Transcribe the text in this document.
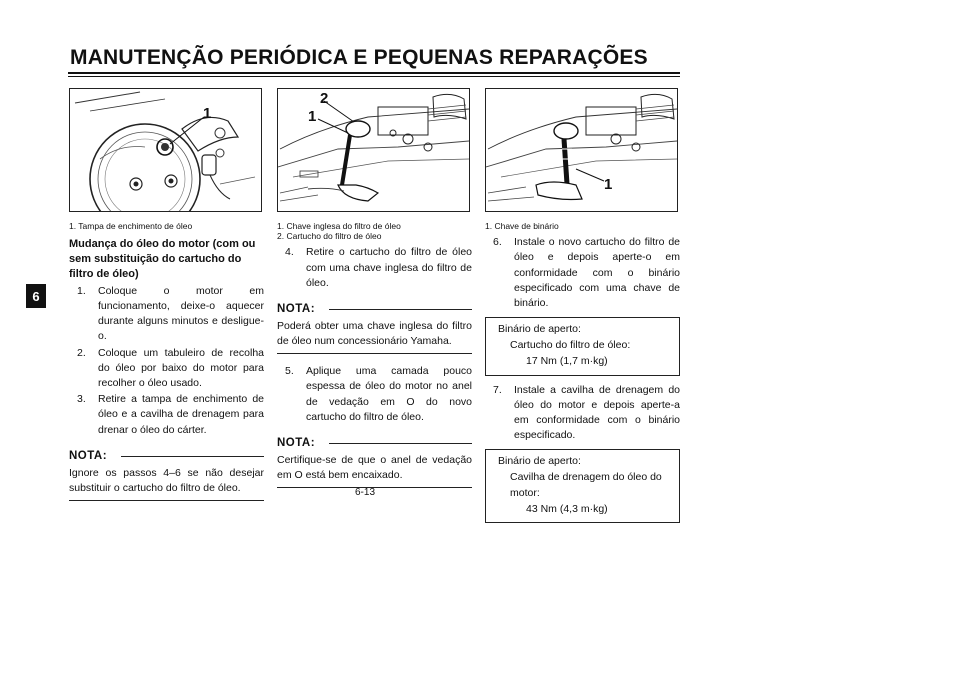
MANUTENÇÃO PERIÓDICA E PEQUENAS REPARAÇÕES
6
1
1. Tampa de enchimento de óleo
Mudança do óleo do motor (com ou sem substituição do cartucho do filtro de óleo)
1. Coloque o motor em funcionamento, deixe-o aquecer durante alguns minutos e desligue-o.
2. Coloque um tabuleiro de recolha do óleo por baixo do motor para recolher o óleo usado.
3. Retire a tampa de enchimento de óleo e a cavilha de drenagem para drenar o óleo do cárter.
NOTA:
Ignore os passos 4–6 se não desejar substituir o cartucho do filtro de óleo.
2
1
1. Chave inglesa do filtro de óleo
2. Cartucho do filtro de óleo
4. Retire o cartucho do filtro de óleo com uma chave inglesa do filtro de óleo.
NOTA:
Poderá obter uma chave inglesa do filtro de óleo num concessionário Yamaha.
5. Aplique uma camada pouco espessa de óleo do motor no anel de vedação em O do novo cartucho do filtro de óleo.
NOTA:
Certifique-se de que o anel de vedação em O está bem encaixado.
1
1. Chave de binário
6. Instale o novo cartucho do filtro de óleo e depois aperte-o em conformidade com o binário especificado com uma chave de binário.
Binário de aperto:
Cartucho do filtro de óleo:
17 Nm (1,7 m·kg)
7. Instale a cavilha de drenagem do óleo do motor e depois aperte-a em conformidade com o binário especificado.
Binário de aperto:
Cavilha de drenagem do óleo do motor:
43 Nm (4,3 m·kg)
6-13
